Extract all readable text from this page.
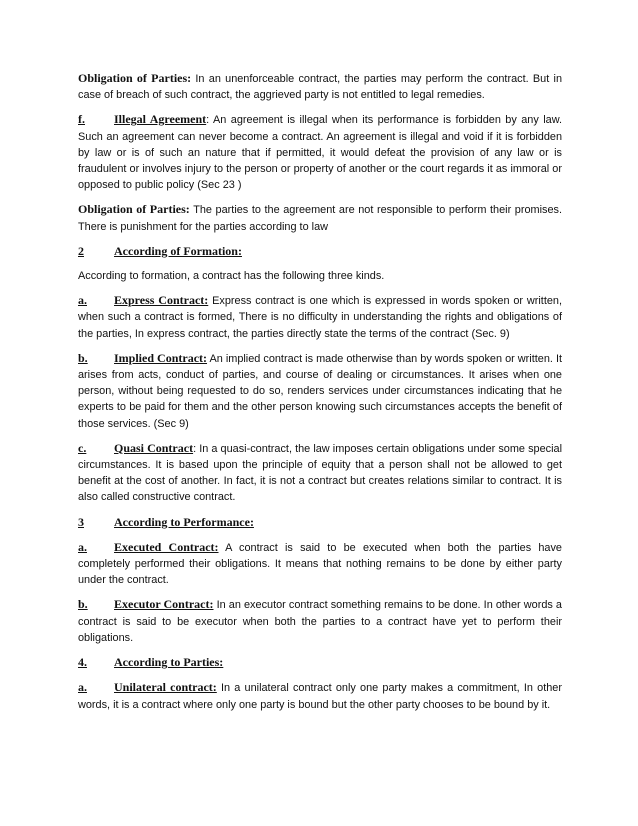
Obligation of Parties: In an unenforceable contract, the parties may perform the contract. But in case of breach of such contract, the aggrieved party is not entitled to legal remedies.

f. Illegal Agreement: An agreement is illegal when its performance is forbidden by any law. Such an agreement can never become a contract. An agreement is illegal and void if it is forbidden by law or is of such an nature that if permitted, it would defeat the provision of any law or is fraudulent or involves injury to the person or property of another or the court regards it as immoral or opposed to public policy (Sec 23 )

Obligation of Parties: The parties to the agreement are not responsible to perform their promises. There is punishment for the parties according to law

2	According of Formation:

According to formation, a contract has the following three kinds.

a. Express Contract: Express contract is one which is expressed in words spoken or written, when such a contract is formed, There is no difficulty in understanding the rights and obligations of the parties, In express contract, the parties directly state the terms of the contract (Sec. 9)

b. Implied Contract: An implied contract is made otherwise than by words spoken or written. It arises from acts, conduct of parties, and course of dealing or circumstances. It arises when one person, without being requested to do so, renders services under circumstances indicating that he experts to be paid for them and the other person knowing such circumstances accepts the benefit of those services. (Sec 9)

c. Quasi Contract: In a quasi-contract, the law imposes certain obligations under some special circumstances. It is based upon the principle of equity that a person shall not be allowed to get benefit at the cost of another. In fact, it is not a contract but creates relations similar to contract. It is also called constructive contract.

3	According to Performance:

a. Executed Contract: A contract is said to be executed when both the parties have completely performed their obligations. It means that nothing remains to be done by either party under the contract.

b. Executor Contract: In an executor contract something remains to be done. In other words a contract is said to be executor when both the parties to a contract have yet to perform their obligations.

4. According to Parties:

a. Unilateral contract: In a unilateral contract only one party makes a commitment, In other words, it is a contract where only one party is bound but the other party chooses to be bound by it.
